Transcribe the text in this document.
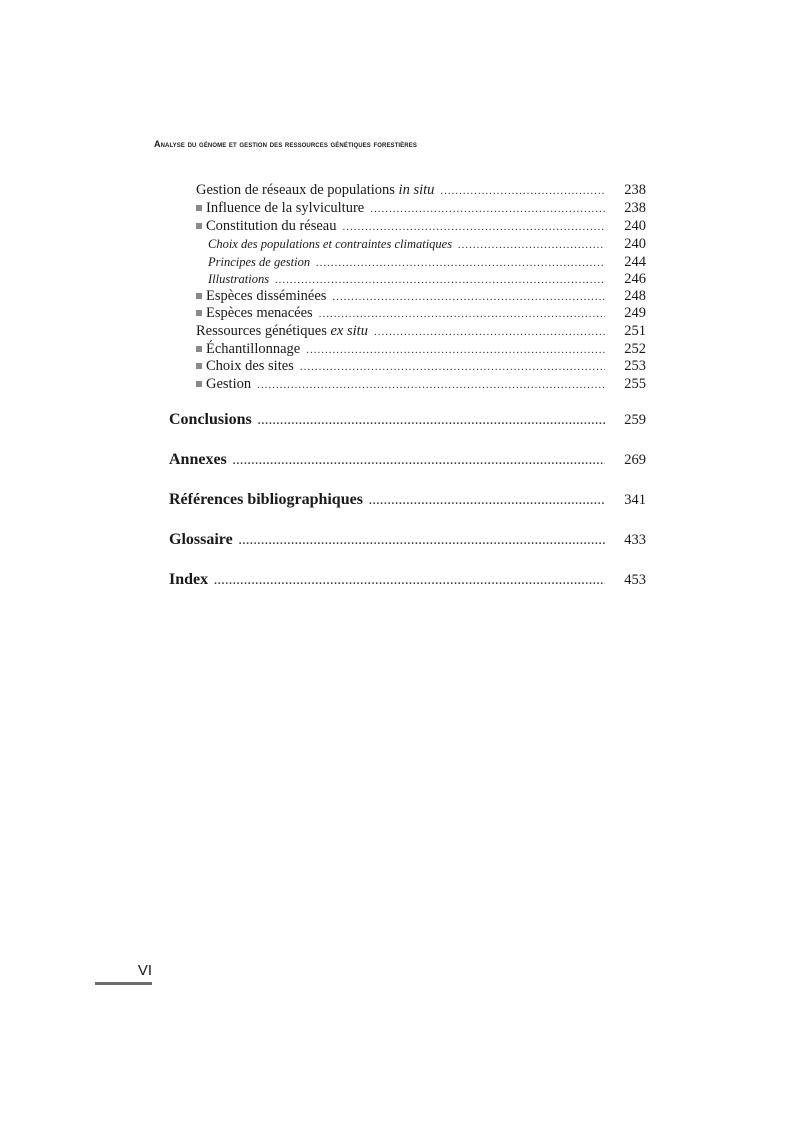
Analyse du génome et gestion des ressources génétiques forestières
Gestion de réseaux de populations in situ .....	238
Influence de la sylviculture .....	238
Constitution du réseau .....	240
Choix des populations et contraintes climatiques .....	240
Principes de gestion .....	244
Illustrations .....	246
Espèces disséminées .....	248
Espèces menacées .....	249
Ressources génétiques ex situ .....	251
Échantillonnage .....	252
Choix des sites .....	253
Gestion .....	255
Conclusions .....	259
Annexes .....	269
Références bibliographiques .....	341
Glossaire .....	433
Index .....	453
VI
